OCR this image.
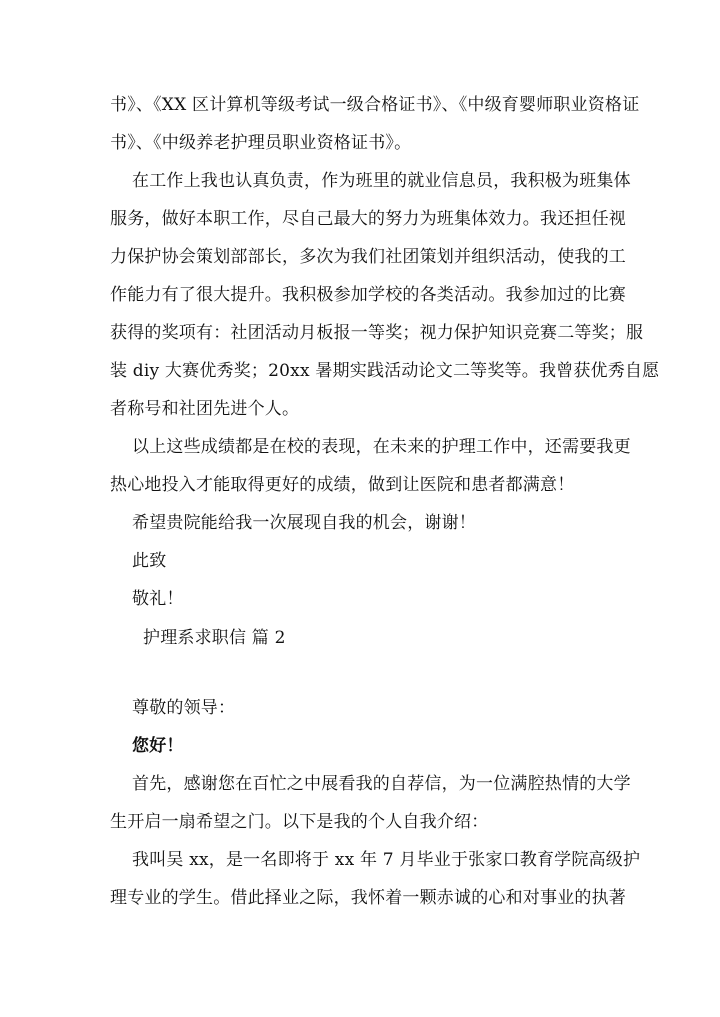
书》、《XX 区计算机等级考试一级合格证书》、《中级育婴师职业资格证
书》、《中级养老护理员职业资格证书》。
在工作上我也认真负责，作为班里的就业信息员，我积极为班集体
服务，做好本职工作，尽自己最大的努力为班集体效力。我还担任视
力保护协会策划部部长，多次为我们社团策划并组织活动，使我的工
作能力有了很大提升。我积极参加学校的各类活动。我参加过的比赛
获得的奖项有：社团活动月板报一等奖；视力保护知识竞赛二等奖；服
装 diy 大赛优秀奖；20xx 暑期实践活动论文二等奖等。我曾获优秀自愿
者称号和社团先进个人。
以上这些成绩都是在校的表现，在未来的护理工作中，还需要我更
热心地投入才能取得更好的成绩，做到让医院和患者都满意！
希望贵院能给我一次展现自我的机会，谢谢！
此致
敬礼！
护理系求职信 篇 2
尊敬的领导：
您好！
首先，感谢您在百忙之中展看我的自荐信，为一位满腔热情的大学
生开启一扇希望之门。以下是我的个人自我介绍：
我叫吴 xx，是一名即将于 xx 年 7 月毕业于张家口教育学院高级护
理专业的学生。借此择业之际，我怀着一颗赤诚的心和对事业的执著
